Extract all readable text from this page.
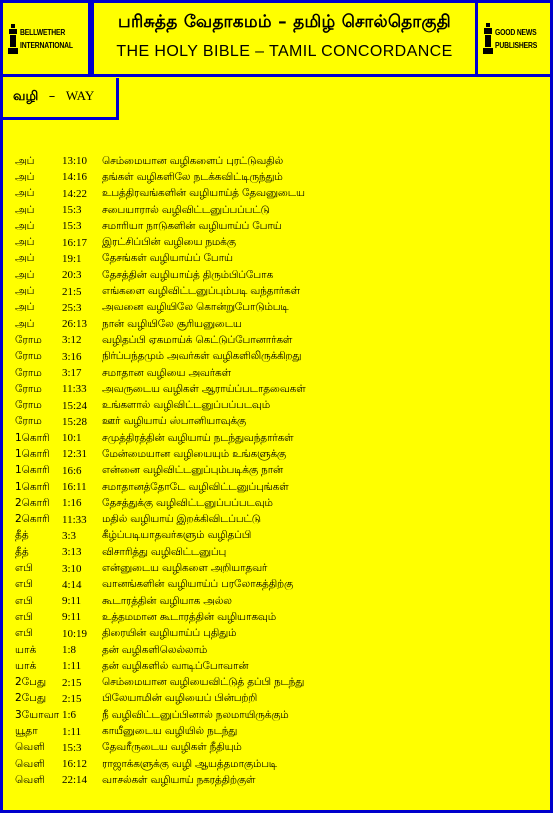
BELLWETHER
INTERNATIONAL
பரிசுத்த வேதாகமம் – தமிழ் சொல்தொகுதி
THE HOLY BIBLE – TAMIL CONCORDANCE
GOOD NEWS
PUBLISHERS
வழி – WAY
அப்	13:10	செம்மையான வழிகளைப் புரட்டுவதில்
அப்	14:16	தங்கள் வழிகளிலே நடக்கவிட்டிருந்தும்
அப்	14:22	உபத்திரவங்களின் வழியாய்த் தேவனுடைய
அப்	15:3	சபையாரால் வழிவிட்டனுப்பப்பட்டு
அப்	15:3	சமாரியா நாடுகளின் வழியாய்ப் போய்
அப்	16:17	இரட்சிப்பின் வழியை நமக்கு
அப்	19:1	தேசங்கள் வழியாய்ப் போய்
அப்	20:3	தேசத்தின் வழியாய்த் திரும்பிப்போக
அப்	21:5	எங்களை வழிவிட்டனுப்பும்படி வந்தார்கள்
அப்	25:3	அவனை வழியிலே கொன்றுபோடும்படி
அப்	26:13	நான் வழியிலே சூரியனுடைய
ரோம	3:12	வழிதப்பி ஏகமாய்க் கெட்டுப்போனார்கள்
ரோம	3:16	நிர்ப்பந்தமும் அவர்கள் வழிகளிலிருக்கிறது
ரோம	3:17	சமாதான வழியை அவர்கள்
ரோம	11:33	அவருடைய வழிகள் ஆராய்ப்படாதவைகள்
ரோம	15:24	உங்களால் வழிவிட்டனுப்பப்படவும்
ரோம	15:28	ஊர் வழியாய் ஸ்பானியாவுக்கு
1கொரி	10:1	சமுத்திரத்தின் வழியாய் நடந்துவந்தார்கள்
1கொரி	12:31	மேன்மையான வழியையும் உங்களுக்கு
1கொரி	16:6	என்னை வழிவிட்டனுப்பும்படிக்கு நான்
1கொரி	16:11	சமாதானத்தோடே வழிவிட்டனுப்புங்கள்
2கொரி	1:16	தேசத்துக்கு வழிவிட்டனுப்பப்படவும்
2கொரி	11:33	மதில் வழியாய் இறக்கிவிடப்பட்டு
தீத்	3:3	கீழ்ப்படியாதவர்களும் வழிதப்பி
தீத்	3:13	விசாரித்து வழிவிட்டனுப்பு
எபி	3:10	என்னுடைய வழிகளை அறியாதவர்
எபி	4:14	வானங்களின் வழியாய்ப் பரலோகத்திற்கு
எபி	9:11	கூடாரத்தின் வழியாக அல்ல
எபி	9:11	உத்தமமான கூடாரத்தின் வழியாகவும்
எபி	10:19	திரையின் வழியாய்ப் புதிதும்
யாக்	1:8	தன் வழிகளிலெல்லாம்
யாக்	1:11	தன் வழிகளில் வாடிப்போவான்
2பேது	2:15	செம்மையான வழியைவிட்டுத் தப்பி நடந்து
2பேது	2:15	பிலேயாமின் வழியைப் பின்பற்றி
3யோவா 1:6	நீ வழிவிட்டனுப்பினால் நலமாயிருக்கும்
யூதா	1:11	காயீனுடைய வழியில் நடந்து
வெளி	15:3	தேவரீருடைய வழிகள் நீதியும்
வெளி	16:12	ராஜாக்களுக்கு வழி ஆயத்தமாகும்படி
வெளி	22:14	வாசல்கள் வழியாய் நகரத்திற்குள்
